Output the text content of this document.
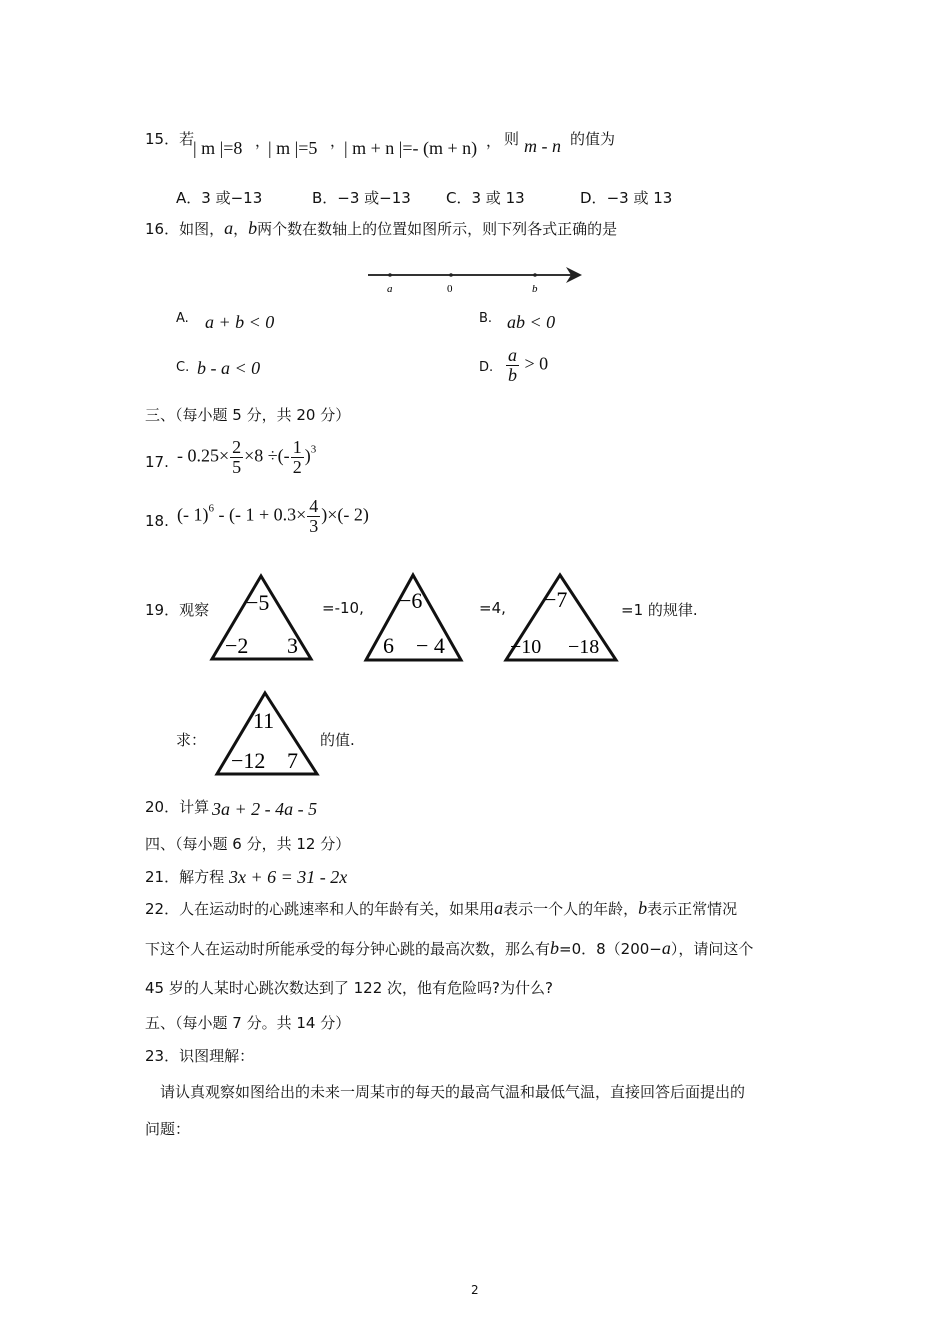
15．若
| m |=8 ，
| m |=5 ，
| m + n |=- (m + n) ， 则 m - n 的值为
A．3 或−13	B．−3 或−13 C．3 或 13	D．−3 或 13
16．如图，a，b两个数在数轴上的位置如图所示，则下列各式正确的是
a	0	b
A. a + b < 0	B. ab < 0
C. b - a < 0	D. $\frac{a}{b} > 0$
三、（每小题 5 分，共 20 分）
17. - $0.25\times \frac{2}{5} \times 8$ ÷(- $\frac{1}{2} )^3$
18. (- 1)$^6$ - (- $1 + 0.3\times \frac{4}{3}$ )×(- 2)
19．观察 −5
−2 3
=-10, −6
6 − 4
=4, −7
−10 −18
=1 的规律.
求：
11
−12 7
的值.
20．计算 3a + 2 - 4a - 5
四、（每小题 6 分，共 12 分）
21．解方程 3x + 6 = 31 - 2x
22．人在运动时的心跳速率和人的年龄有关，如果用a表示一个人的年龄，b表示正常情况
下这个人在运动时所能承受的每分钟心跳的最高次数，那么有b=0．8（200−a），请问这个
45 岁的人某时心跳次数达到了 122 次，他有危险吗?为什么?
五、（每小题 7 分。共 14 分）
23．识图理解：
请认真观察如图给出的未来一周某市的每天的最高气温和最低气温，直接回答后面提出的
问题：
2
